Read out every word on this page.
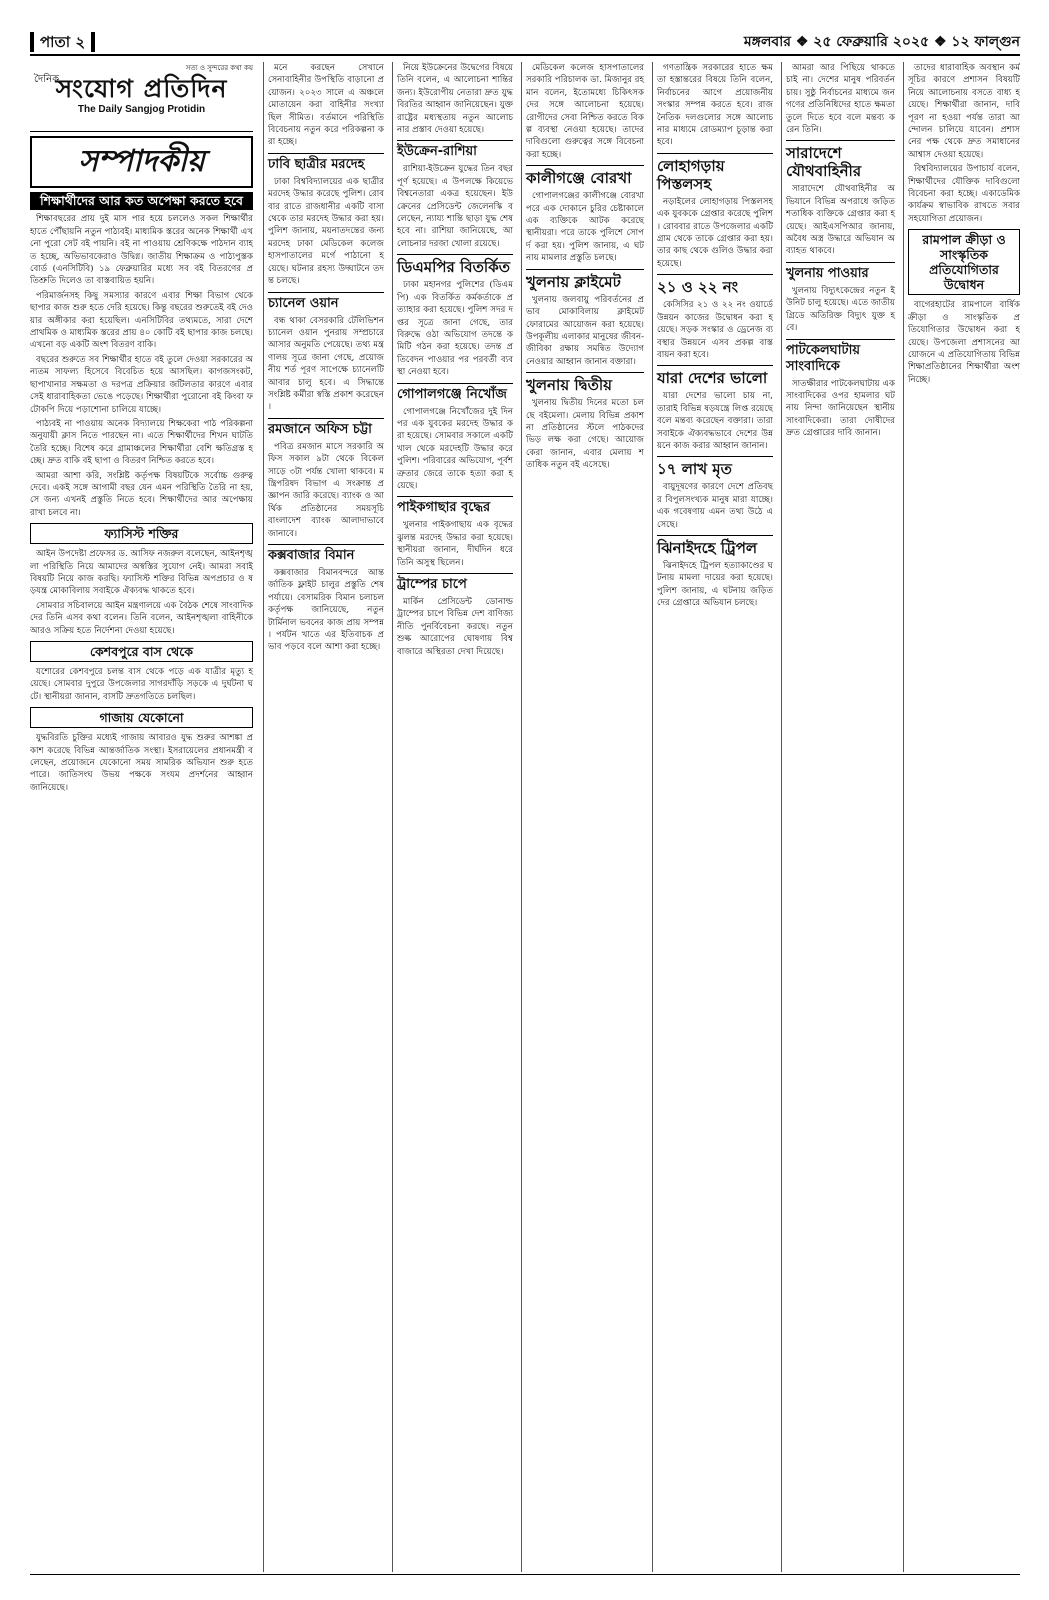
পাতা ২	মঙ্গলবার ❖ ২৫ ফেব্রুয়ারি ২০২৫ ❖ ১২ ফাল্গুন
সত্য ও সুন্দরের কথা কয়
দৈনিক
সংযোগ প্রতিদিন
The Daily Sangjog Protidin
সম্পাদকীয়
শিক্ষার্থীদের আর কত অপেক্ষা করতে হবে

শিক্ষাবছরের প্রায় দুই মাস পার হয়ে চললেও সকল শিক্ষার্থীর হাতে পৌঁছায়নি নতুন পাঠ্যবই। মাধ্যমিক স্তরের অনেক শিক্ষার্থী এখনো পুরো সেট বই পায়নি। বই না পাওয়ায় শ্রেণিকক্ষে পাঠদান ব্যাহত হচ্ছে, অভিভাবকেরাও উদ্বিগ্ন। জাতীয় শিক্ষাক্রম ও পাঠ্যপুস্তক বোর্ড (এনসিটিবি) ১৯ ফেব্রুয়ারির মধ্যে সব বই বিতরণের প্রতিশ্রুতি দিলেও তা বাস্তবায়িত হয়নি।

পরিমার্জনসহ কিছু সমস্যার কারণে এবার শিক্ষা বিভাগ থেকে ছাপার কাজ শুরু হতে দেরি হয়েছে। কিন্তু বছরের শুরুতেই বই দেওয়ার অঙ্গীকার করা হয়েছিল। এনসিটিবির তথ্যমতে, সারা দেশে প্রাথমিক ও মাধ্যমিক স্তরের প্রায় ৪০ কোটি বই ছাপার কাজ চলছে। এখনো বড় একটি অংশ বিতরণ বাকি।

বছরের শুরুতে সব শিক্ষার্থীর হাতে বই তুলে দেওয়া সরকারের অন্যতম সাফল্য হিসেবে বিবেচিত হয়ে আসছিল। কাগজসংকট, ছাপাখানার সক্ষমতা ও দরপত্র প্রক্রিয়ার জটিলতার কারণে এবার সেই ধারাবাহিকতা ভেঙে পড়েছে। শিক্ষার্থীরা পুরোনো বই কিংবা ফটোকপি দিয়ে পড়াশোনা চালিয়ে যাচ্ছে।

পাঠ্যবই না পাওয়ায় অনেক বিদ্যালয়ে শিক্ষকেরা পাঠ পরিকল্পনা অনুযায়ী ক্লাস নিতে পারছেন না। এতে শিক্ষার্থীদের শিখন ঘাটতি তৈরি হচ্ছে। বিশেষ করে গ্রামাঞ্চলের শিক্ষার্থীরা বেশি ক্ষতিগ্রস্ত হচ্ছে। দ্রুত বাকি বই ছাপা ও বিতরণ নিশ্চিত করতে হবে।

আমরা আশা করি, সংশ্লিষ্ট কর্তৃপক্ষ বিষয়টিকে সর্বোচ্চ গুরুত্ব দেবে। একই সঙ্গে আগামী বছর যেন এমন পরিস্থিতি তৈরি না হয়, সে জন্য এখনই প্রস্তুতি নিতে হবে। শিক্ষার্থীদের আর অপেক্ষায় রাখা চলবে না।

ফ্যাসিস্ট শক্তির

আইন উপদেষ্টা প্রফেসর ড. আসিফ নজরুল বলেছেন, আইনশৃঙ্খলা পরিস্থিতি নিয়ে আমাদের অস্বস্তির সুযোগ নেই। আমরা সবাই বিষয়টি নিয়ে কাজ করছি। ফ্যাসিস্ট শক্তির বিভিন্ন অপপ্রচার ও ষড়যন্ত্র মোকাবিলায় সবাইকে ঐক্যবদ্ধ থাকতে হবে।

সোমবার সচিবালয়ে আইন মন্ত্রণালয়ে এক বৈঠক শেষে সাংবাদিকদের তিনি এসব কথা বলেন। তিনি বলেন, আইনশৃঙ্খলা বাহিনীকে আরও সক্রিয় হতে নির্দেশনা দেওয়া হয়েছে।

কেশবপুরে বাস থেকে

যশোরের কেশবপুরে চলন্ত বাস থেকে পড়ে এক যাত্রীর মৃত্যু হয়েছে। সোমবার দুপুরে উপজেলার সাগরদাঁড়ি সড়কে এ দুর্ঘটনা ঘটে। স্থানীয়রা জানান, বাসটি দ্রুতগতিতে চলছিল।

গাজায় যেকোনো

যুদ্ধবিরতি চুক্তির মধ্যেই গাজায় আবারও যুদ্ধ শুরুর আশঙ্কা প্রকাশ করেছে বিভিন্ন আন্তর্জাতিক সংস্থা। ইসরায়েলের প্রধানমন্ত্রী বলেছেন, প্রয়োজনে যেকোনো সময় সামরিক অভিযান শুরু হতে পারে। জাতিসংঘ উভয় পক্ষকে সংযম প্রদর্শনের আহ্বান জানিয়েছে।

মনে করছেন সেখানে সেনাবাহিনীর উপস্থিতি বাড়ানো প্রয়োজন। ২০২৩ সালে এ অঞ্চলে মোতায়েন করা বাহিনীর সংখ্যা ছিল সীমিত। বর্তমানে পরিস্থিতি বিবেচনায় নতুন করে পরিকল্পনা করা হচ্ছে।

ঢাবি ছাত্রীর মরদেহ

ঢাকা বিশ্ববিদ্যালয়ের এক ছাত্রীর মরদেহ উদ্ধার করেছে পুলিশ। রোববার রাতে রাজধানীর একটি বাসা থেকে তার মরদেহ উদ্ধার করা হয়। পুলিশ জানায়, ময়নাতদন্তের জন্য মরদেহ ঢাকা মেডিকেল কলেজ হাসপাতালের মর্গে পাঠানো হয়েছে। ঘটনার রহস্য উদ্ঘাটনে তদন্ত চলছে।

চ্যানেল ওয়ান

বন্ধ থাকা বেসরকারি টেলিভিশন চ্যানেল ওয়ান পুনরায় সম্প্রচারে আসার অনুমতি পেয়েছে। তথ্য মন্ত্রণালয় সূত্রে জানা গেছে, প্রয়োজনীয় শর্ত পূরণ সাপেক্ষে চ্যানেলটি আবার চালু হবে। এ সিদ্ধান্তে সংশ্লিষ্ট কর্মীরা স্বস্তি প্রকাশ করেছেন।

রমজানে অফিস চট্টা

পবিত্র রমজান মাসে সরকারি অফিস সকাল ৯টা থেকে বিকেল সাড়ে ৩টা পর্যন্ত খোলা থাকবে। মন্ত্রিপরিষদ বিভাগ এ সংক্রান্ত প্রজ্ঞাপন জারি করেছে। ব্যাংক ও আর্থিক প্রতিষ্ঠানের সময়সূচি বাংলাদেশ ব্যাংক আলাদাভাবে জানাবে।

কক্সবাজার বিমান

কক্সবাজার বিমানবন্দরে আন্তর্জাতিক ফ্লাইট চালুর প্রস্তুতি শেষ পর্যায়ে। বেসামরিক বিমান চলাচল কর্তৃপক্ষ জানিয়েছে, নতুন টার্মিনাল ভবনের কাজ প্রায় সম্পন্ন। পর্যটন খাতে এর ইতিবাচক প্রভাব পড়বে বলে আশা করা হচ্ছে।

নিয়ে ইউক্রেনের উদ্বেগের বিষয়ে তিনি বলেন, এ আলোচনা শান্তির জন্য। ইউরোপীয় নেতারা দ্রুত যুদ্ধবিরতির আহ্বান জানিয়েছেন। যুক্তরাষ্ট্রের মধ্যস্থতায় নতুন আলোচনার প্রস্তাব দেওয়া হয়েছে।

ইউক্রেন-রাশিয়া

রাশিয়া-ইউক্রেন যুদ্ধের তিন বছর পূর্ণ হয়েছে। এ উপলক্ষে কিয়েভে বিশ্বনেতারা একত্র হয়েছেন। ইউক্রেনের প্রেসিডেন্ট জেলেনস্কি বলেছেন, ন্যায্য শান্তি ছাড়া যুদ্ধ শেষ হবে না। রাশিয়া জানিয়েছে, আলোচনার দরজা খোলা রয়েছে।

ডিএমপির বিতর্কিত

ঢাকা মহানগর পুলিশের (ডিএমপি) এক বিতর্কিত কর্মকর্তাকে প্রত্যাহার করা হয়েছে। পুলিশ সদর দপ্তর সূত্রে জানা গেছে, তার বিরুদ্ধে ওঠা অভিযোগ তদন্তে কমিটি গঠন করা হয়েছে। তদন্ত প্রতিবেদন পাওয়ার পর পরবর্তী ব্যবস্থা নেওয়া হবে।

গোপালগঞ্জে নিখোঁজ

গোপালগঞ্জে নিখোঁজের দুই দিন পর এক যুবকের মরদেহ উদ্ধার করা হয়েছে। সোমবার সকালে একটি খাল থেকে মরদেহটি উদ্ধার করে পুলিশ। পরিবারের অভিযোগ, পূর্বশত্রুতার জেরে তাকে হত্যা করা হয়েছে।

পাইকগাছার বৃদ্ধের

খুলনার পাইকগাছায় এক বৃদ্ধের ঝুলন্ত মরদেহ উদ্ধার করা হয়েছে। স্থানীয়রা জানান, দীর্ঘদিন ধরে তিনি অসুস্থ ছিলেন।

ট্রাম্পের চাপে

মার্কিন প্রেসিডেন্ট ডোনাল্ড ট্রাম্পের চাপে বিভিন্ন দেশ বাণিজ্য নীতি পুনর্বিবেচনা করছে। নতুন শুল্ক আরোপের ঘোষণায় বিশ্ববাজারে অস্থিরতা দেখা দিয়েছে।

মেডিকেল কলেজ হাসপাতালের সরকারি পরিচালক ডা. মিজানুর রহমান বলেন, ইতোমধ্যে চিকিৎসকদের সঙ্গে আলোচনা হয়েছে। রোগীদের সেবা নিশ্চিত করতে বিকল্প ব্যবস্থা নেওয়া হয়েছে। তাদের দাবিগুলো গুরুত্বের সঙ্গে বিবেচনা করা হচ্ছে।

কালীগঞ্জে বোরখা

গোপালগঞ্জের কালীগঞ্জে বোরখা পরে এক দোকানে চুরির চেষ্টাকালে এক ব্যক্তিকে আটক করেছে স্থানীয়রা। পরে তাকে পুলিশে সোপর্দ করা হয়। পুলিশ জানায়, এ ঘটনায় মামলার প্রস্তুতি চলছে।

খুলনায় ক্লাইমেট

খুলনায় জলবায়ু পরিবর্তনের প্রভাব মোকাবিলায় ক্লাইমেট ফোরামের আয়োজন করা হয়েছে। উপকূলীয় এলাকার মানুষের জীবন-জীবিকা রক্ষায় সমন্বিত উদ্যোগ নেওয়ার আহ্বান জানান বক্তারা।

খুলনায় দ্বিতীয়

খুলনায় দ্বিতীয় দিনের মতো চলছে বইমেলা। মেলায় বিভিন্ন প্রকাশনা প্রতিষ্ঠানের স্টলে পাঠকদের ভিড় লক্ষ করা গেছে। আয়োজকেরা জানান, এবার মেলায় শতাধিক নতুন বই এসেছে।

গণতান্ত্রিক সরকারের হাতে ক্ষমতা হস্তান্তরের বিষয়ে তিনি বলেন, নির্বাচনের আগে প্রয়োজনীয় সংস্কার সম্পন্ন করতে হবে। রাজনৈতিক দলগুলোর সঙ্গে আলোচনার মাধ্যমে রোডম্যাপ চূড়ান্ত করা হবে।

লোহাগড়ায় পিস্তলসহ

নড়াইলের লোহাগড়ায় পিস্তলসহ এক যুবককে গ্রেপ্তার করেছে পুলিশ। রোববার রাতে উপজেলার একটি গ্রাম থেকে তাকে গ্রেপ্তার করা হয়। তার কাছ থেকে গুলিও উদ্ধার করা হয়েছে।

২১ ও ২২ নং

কেসিসির ২১ ও ২২ নং ওয়ার্ডে উন্নয়ন কাজের উদ্বোধন করা হয়েছে। সড়ক সংস্কার ও ড্রেনেজ ব্যবস্থার উন্নয়নে এসব প্রকল্প বাস্তবায়ন করা হবে।

যারা দেশের ভালো

যারা দেশের ভালো চায় না, তারাই বিভিন্ন ষড়যন্ত্রে লিপ্ত রয়েছে বলে মন্তব্য করেছেন বক্তারা। তারা সবাইকে ঐক্যবদ্ধভাবে দেশের উন্নয়নে কাজ করার আহ্বান জানান।

১৭ লাখ মৃত

বায়ুদূষণের কারণে দেশে প্রতিবছর বিপুলসংখ্যক মানুষ মারা যাচ্ছে। এক গবেষণায় এমন তথ্য উঠে এসেছে।

ঝিনাইদহে ট্রিপল

ঝিনাইদহে ট্রিপল হত্যাকাণ্ডের ঘটনায় মামলা দায়ের করা হয়েছে। পুলিশ জানায়, এ ঘটনায় জড়িতদের গ্রেপ্তারে অভিযান চলছে।

আমরা আর পিছিয়ে থাকতে চাই না। দেশের মানুষ পরিবর্তন চায়। সুষ্ঠু নির্বাচনের মাধ্যমে জনগণের প্রতিনিধিদের হাতে ক্ষমতা তুলে দিতে হবে বলে মন্তব্য করেন তিনি।

সারাদেশে যৌথবাহিনীর

সারাদেশে যৌথবাহিনীর অভিযানে বিভিন্ন অপরাধে জড়িত শতাধিক ব্যক্তিকে গ্রেপ্তার করা হয়েছে। আইএসপিআর জানায়, অবৈধ অস্ত্র উদ্ধারে অভিযান অব্যাহত থাকবে।

খুলনায় পাওয়ার

খুলনায় বিদ্যুৎকেন্দ্রের নতুন ইউনিট চালু হয়েছে। এতে জাতীয় গ্রিডে অতিরিক্ত বিদ্যুৎ যুক্ত হবে।

পাটকেলঘাটায় সাংবাদিকে

সাতক্ষীরার পাটকেলঘাটায় এক সাংবাদিকের ওপর হামলার ঘটনায় নিন্দা জানিয়েছেন স্থানীয় সাংবাদিকেরা। তারা দোষীদের দ্রুত গ্রেপ্তারের দাবি জানান।

তাদের ধারাবাহিক অবস্থান কর্মসূচির কারণে প্রশাসন বিষয়টি নিয়ে আলোচনায় বসতে বাধ্য হয়েছে। শিক্ষার্থীরা জানান, দাবি পূরণ না হওয়া পর্যন্ত তারা আন্দোলন চালিয়ে যাবেন। প্রশাসনের পক্ষ থেকে দ্রুত সমাধানের আশ্বাস দেওয়া হয়েছে।

বিশ্ববিদ্যালয়ের উপাচার্য বলেন, শিক্ষার্থীদের যৌক্তিক দাবিগুলো বিবেচনা করা হচ্ছে। একাডেমিক কার্যক্রম স্বাভাবিক রাখতে সবার সহযোগিতা প্রয়োজন।

রামপাল ক্রীড়া ও সাংস্কৃতিক প্রতিযোগিতার উদ্বোধন

বাগেরহাটের রামপালে বার্ষিক ক্রীড়া ও সাংস্কৃতিক প্রতিযোগিতার উদ্বোধন করা হয়েছে। উপজেলা প্রশাসনের আয়োজনে এ প্রতিযোগিতায় বিভিন্ন শিক্ষাপ্রতিষ্ঠানের শিক্ষার্থীরা অংশ নিচ্ছে।
